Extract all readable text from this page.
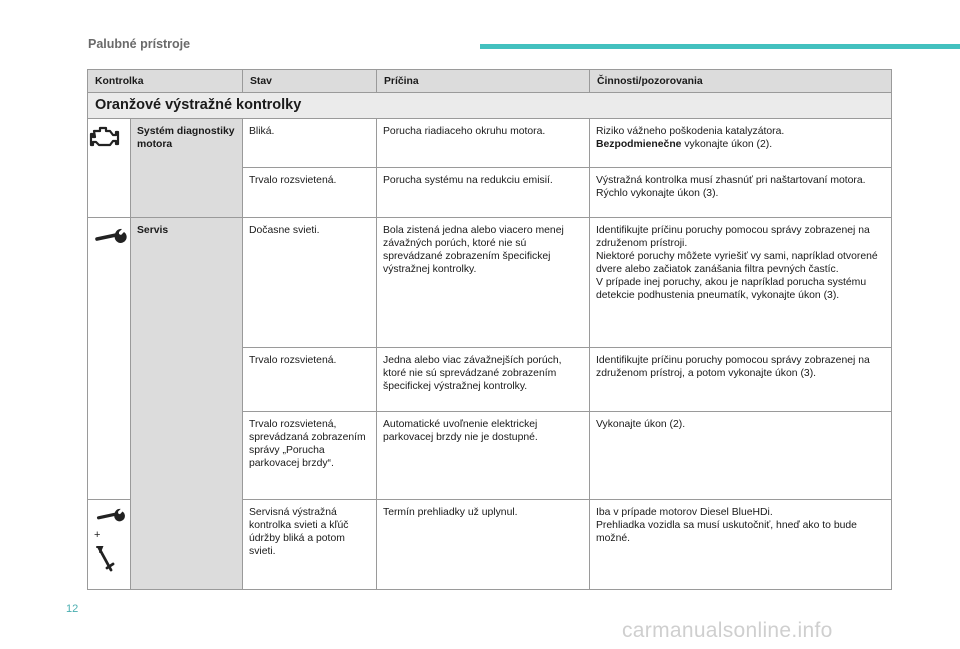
Palubné prístroje
Kontrolka		Stav	Príčina	Činnosti/pozorovania
Oranžové výstražné kontrolky				
	Systém diagnostiky motora	Bliká.	Porucha riadiaceho okruhu motora.	Riziko vážneho poškodenia katalyzátora.
Bezpodmienečne vykonajte úkon (2).
		Trvalo rozsvietená.	Porucha systému na redukciu emisií.	Výstražná kontrolka musí zhasnúť pri naštartovaní motora.
Rýchlo vykonajte úkon (3).
	Servis	Dočasne svieti.	Bola zistená jedna alebo viacero menej závažných porúch, ktoré nie sú sprevádzané zobrazením špecifickej výstražnej kontrolky.	Identifikujte príčinu poruchy pomocou správy zobrazenej na združenom prístroji.
Niektoré poruchy môžete vyriešiť vy sami, napríklad otvorené dvere alebo začiatok zanášania filtra pevných častíc.
V prípade inej poruchy, akou je napríklad porucha systému detekcie podhustenia pneumatík, vykonajte úkon (3).
		Trvalo rozsvietená.	Jedna alebo viac závažnejších porúch, ktoré nie sú sprevádzané zobrazením špecifickej výstražnej kontrolky.	Identifikujte príčinu poruchy pomocou správy zobrazenej na združenom prístroj, a potom vykonajte úkon (3).
		Trvalo rozsvietená, sprevádzaná zobrazením správy „Porucha parkovacej brzdy“.	Automatické uvoľnenie elektrickej parkovacej brzdy nie je dostupné.	Vykonajte úkon (2).

+		Servisná výstražná kontrolka svieti a kľúč údržby bliká a potom svieti.	Termín prehliadky už uplynul.	Iba v prípade motorov Diesel BlueHDi.
Prehliadka vozidla sa musí uskutočniť, hneď ako to bude možné.
12
carmanualsonline.info
